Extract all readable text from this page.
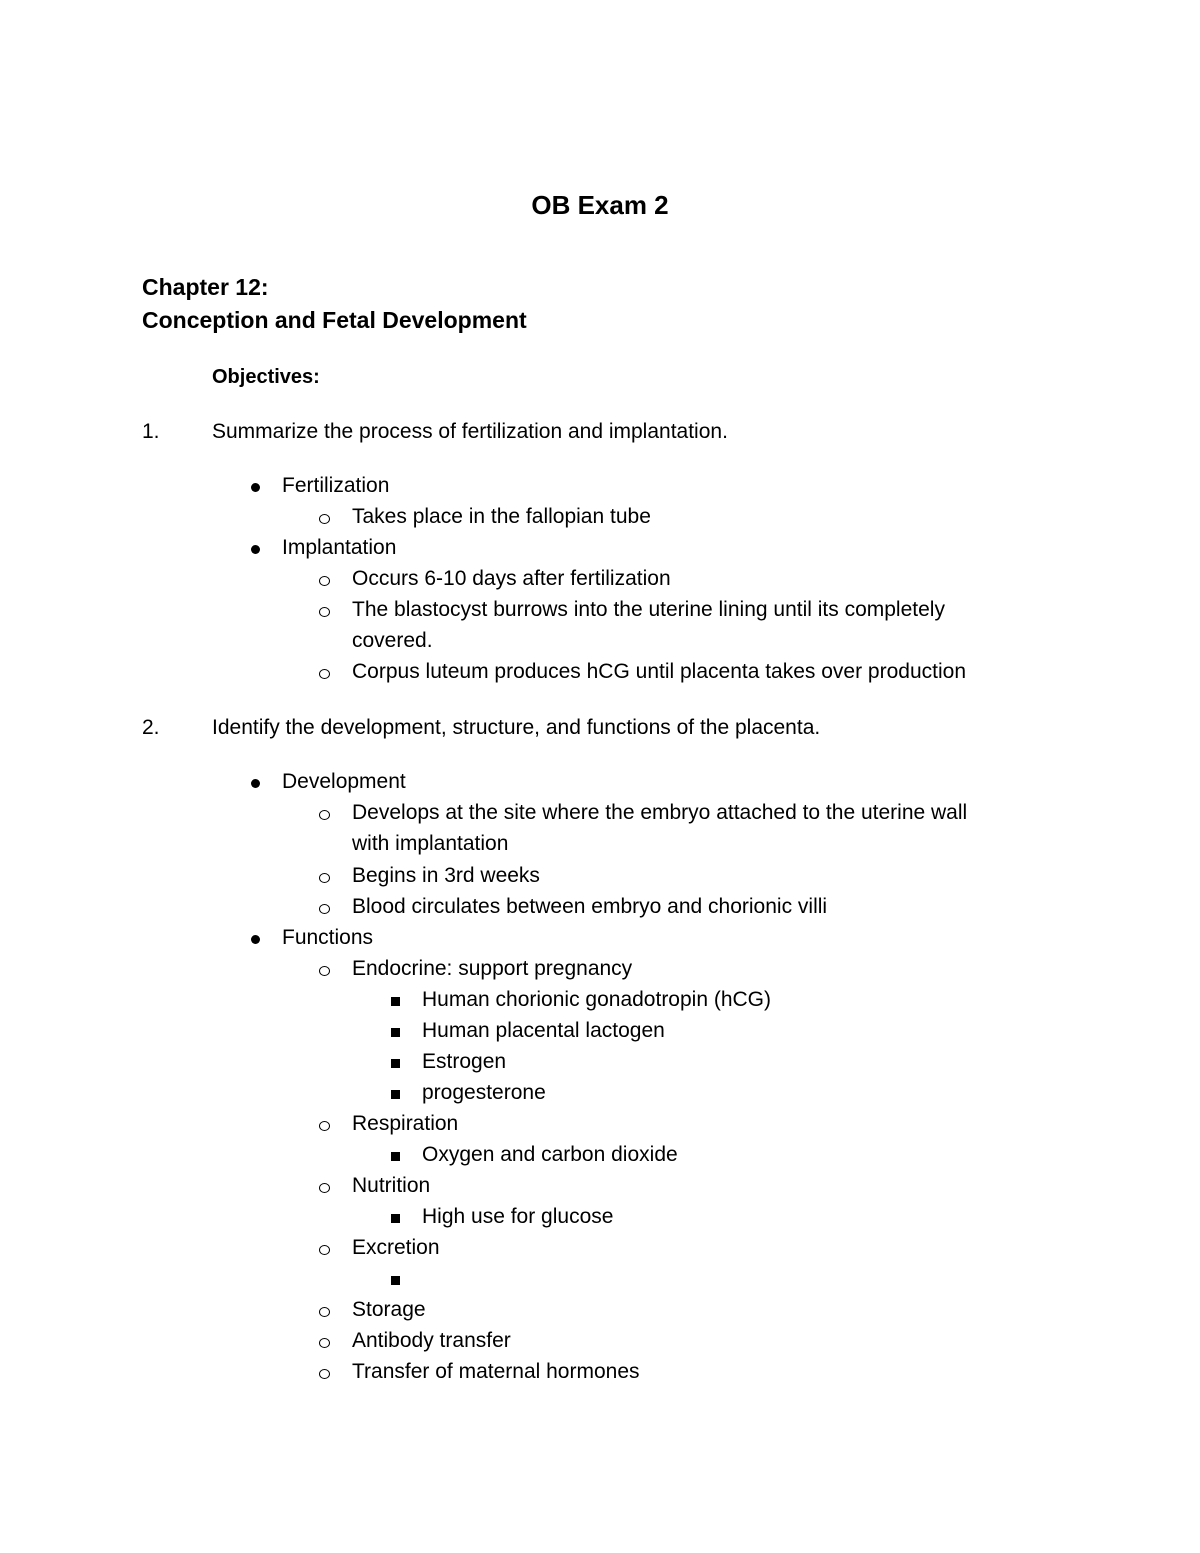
OB Exam 2
Chapter 12:
Conception and Fetal Development
Objectives:
1.	Summarize the process of fertilization and implantation.
Fertilization
Takes place in the fallopian tube
Implantation
Occurs 6-10 days after fertilization
The blastocyst burrows into the uterine lining until its completely
covered.
Corpus luteum produces hCG until placenta takes over production
2.	Identify the development, structure, and functions of the placenta.
Development
Develops at the site where the embryo attached to the uterine wall
with implantation
Begins in 3rd weeks
Blood circulates between embryo and chorionic villi
Functions
Endocrine: support pregnancy
Human chorionic gonadotropin (hCG)
Human placental lactogen
Estrogen
progesterone
Respiration
Oxygen and carbon dioxide
Nutrition
High use for glucose
Excretion
Storage
Antibody transfer
Transfer of maternal hormones
